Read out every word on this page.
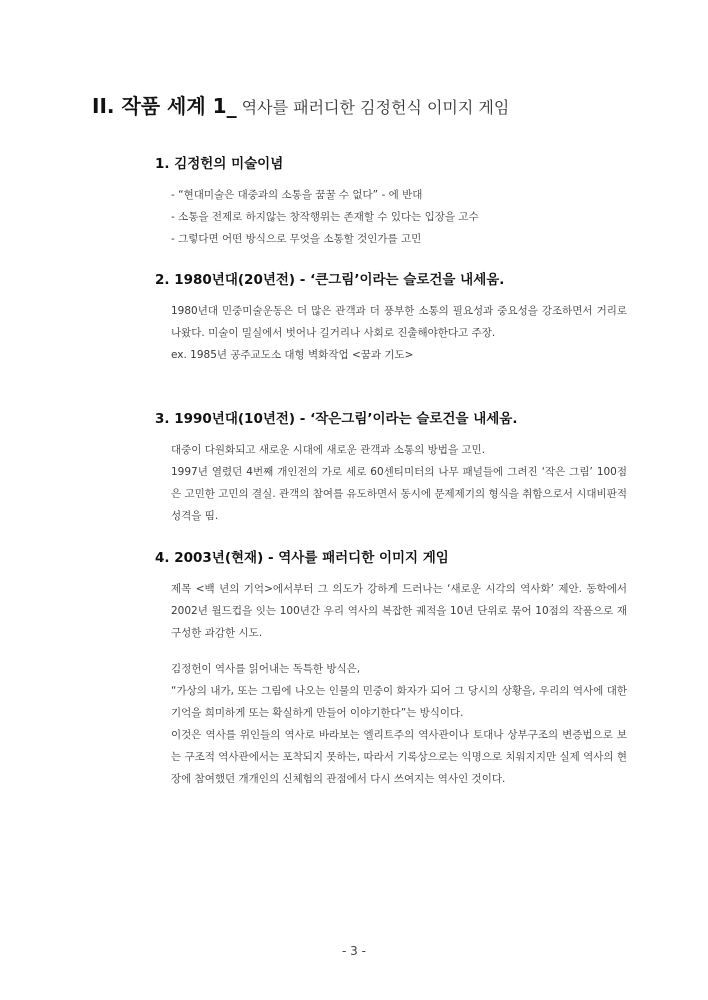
II. 작품 세계 1_ 역사를 패러디한 김정헌식 이미지 게임
1. 김정헌의 미술이념
- “현대미술은 대중과의 소통을 꿈꿀 수 없다” - 에 반대
- 소통을 전제로 하지않는 창작행위는 존재할 수 있다는 입장을 고수
- 그렇다면 어떤 방식으로 무엇을 소통할 것인가를 고민
2. 1980년대(20년전) - ‘큰그림’이라는 슬로건을 내세움.
1980년대 민중미술운동은 더 많은 관객과 더 풍부한 소통의 필요성과 중요성을 강조하면서 거리로 나왔다. 미술이 밀실에서 벗어나 길거리나 사회로 진출해야한다고 주장.
ex. 1985년 공주교도소 대형 벽화작업 <꿈과 기도>
3. 1990년대(10년전) - ‘작은그림’이라는 슬로건을 내세움.
대중이 다원화되고 새로운 시대에 새로운 관객과 소통의 방법을 고민.
1997년 열렸던 4번째 개인전의 가로 세로 60센티미터의 나무 패널들에 그려진 ‘작은 그림’ 100점은 고민한 고민의 결실. 관객의 참여를 유도하면서 동시에 문제제기의 형식을 취함으로서 시대비판적 성격을 띰.
4. 2003년(현재) - 역사를 패러디한 이미지 게임
제목 <백 년의 기억>에서부터 그 의도가 강하게 드러나는 ‘새로운 시각의 역사화’ 제안. 동학에서 2002년 월드컵을 잇는 100년간 우리 역사의 복잡한 궤적을 10년 단위로 묶어 10점의 작품으로 재구성한 과감한 시도.
김정헌이 역사를 읽어내는 독특한 방식은,
“가상의 내가, 또는 그림에 나오는 인물의 민중이 화자가 되어 그 당시의 상황을, 우리의 역사에 대한 기억을 희미하게 또는 확실하게 만들어 이야기한다”는 방식이다.
이것은 역사를 위인들의 역사로 바라보는 엘리트주의 역사관이나 토대나 상부구조의 변증법으로 보는 구조적 역사관에서는 포착되지 못하는, 따라서 기록상으로는 익명으로 치워지지만 실제 역사의 현장에 참여했던 개개인의 신체험의 관점에서 다시 쓰여지는 역사인 것이다.
- 3 -
